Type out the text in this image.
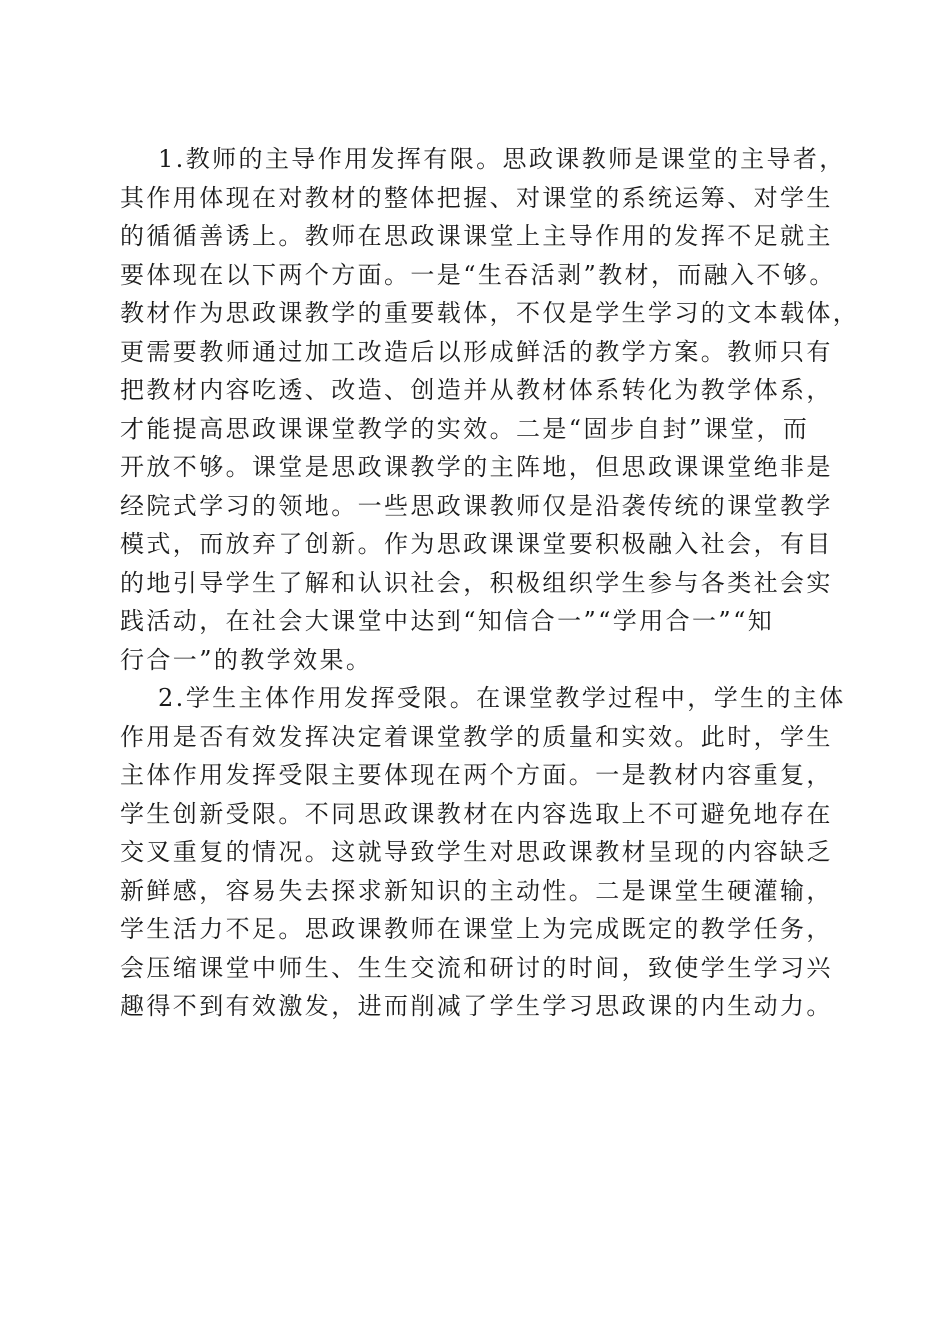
1.教师的主导作用发挥有限。思政课教师是课堂的主导者，
其作用体现在对教材的整体把握、对课堂的系统运筹、对学生
的循循善诱上。教师在思政课课堂上主导作用的发挥不足就主
要体现在以下两个方面。一是“生吞活剥”教材，而融入不够。
教材作为思政课教学的重要载体，不仅是学生学习的文本载体，
更需要教师通过加工改造后以形成鲜活的教学方案。教师只有
把教材内容吃透、改造、创造并从教材体系转化为教学体系，
才能提高思政课课堂教学的实效。二是“固步自封”课堂，而
开放不够。课堂是思政课教学的主阵地，但思政课课堂绝非是
经院式学习的领地。一些思政课教师仅是沿袭传统的课堂教学
模式，而放弃了创新。作为思政课课堂要积极融入社会，有目
的地引导学生了解和认识社会，积极组织学生参与各类社会实
践活动，在社会大课堂中达到“知信合一”“学用合一”“知
行合一”的教学效果。

2.学生主体作用发挥受限。在课堂教学过程中，学生的主体
作用是否有效发挥决定着课堂教学的质量和实效。此时，学生
主体作用发挥受限主要体现在两个方面。一是教材内容重复，
学生创新受限。不同思政课教材在内容选取上不可避免地存在
交叉重复的情况。这就导致学生对思政课教材呈现的内容缺乏
新鲜感，容易失去探求新知识的主动性。二是课堂生硬灌输，
学生活力不足。思政课教师在课堂上为完成既定的教学任务，
会压缩课堂中师生、生生交流和研讨的时间，致使学生学习兴
趣得不到有效激发，进而削减了学生学习思政课的内生动力。
